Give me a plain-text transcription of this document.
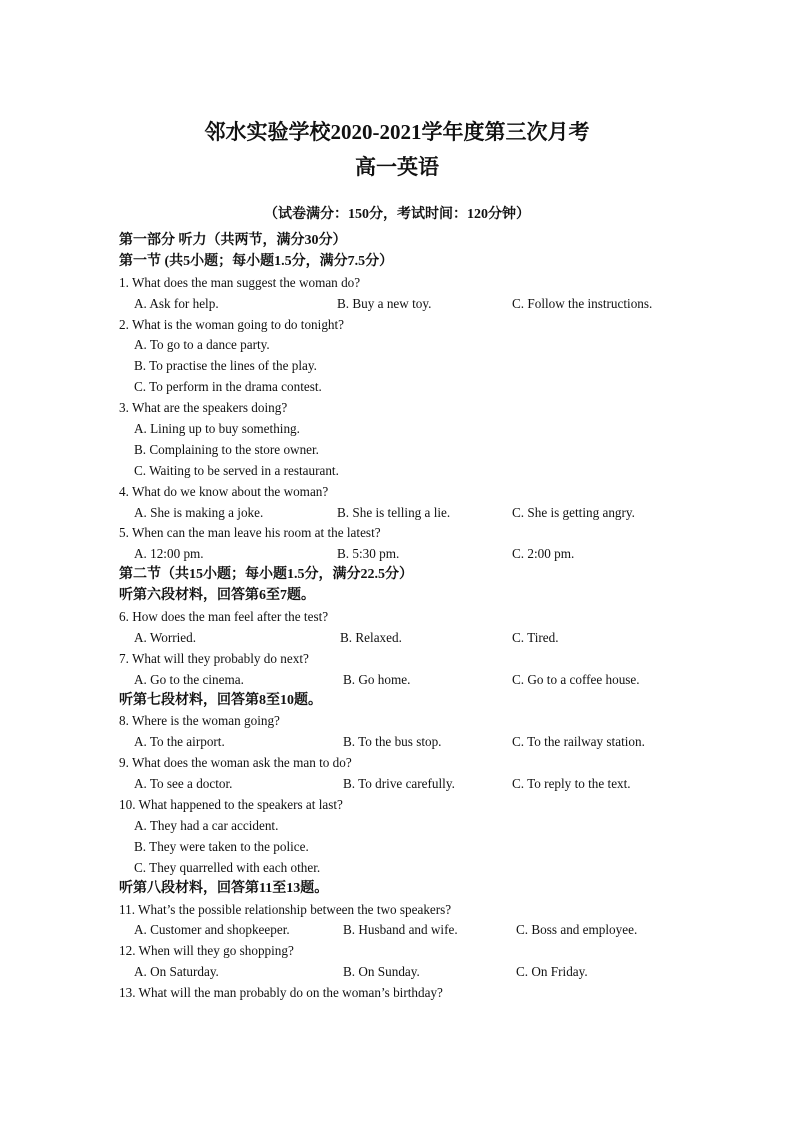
邻水实验学校2020-2021学年度第三次月考
高一英语
（试卷满分：150分，考试时间：120分钟）
第一部分 听力（共两节，满分30分）
第一节 (共5小题；每小题1.5分，满分7.5分）
1. What does the man suggest the woman do?
A. Ask for help.	B. Buy a new toy.	C. Follow the instructions.
2. What is the woman going to do tonight?
A. To go to a dance party.
B. To practise the lines of the play.
C. To perform in the drama contest.
3. What are the speakers doing?
A. Lining up to buy something.
B. Complaining to the store owner.
C. Waiting to be served in a restaurant.
4. What do we know about the woman?
A. She is making a joke.	B. She is telling a lie.	C. She is getting angry.
5. When can the man leave his room at the latest?
A. 12:00 pm.	B. 5:30 pm.	C. 2:00 pm.
第二节（共15小题；每小题1.5分，满分22.5分）
听第六段材料，回答第6至7题。
6. How does the man feel after the test?
A. Worried.	B. Relaxed.	C. Tired.
7. What will they probably do next?
A. Go to the cinema.	B. Go home.	C. Go to a coffee house.
听第七段材料，回答第8至10题。
8. Where is the woman going?
A. To the airport.	B. To the bus stop.	C. To the railway station.
9. What does the woman ask the man to do?
A. To see a doctor.	B. To drive carefully.	C. To reply to the text.
10. What happened to the speakers at last?
A. They had a car accident.
B. They were taken to the police.
C. They quarrelled with each other.
听第八段材料，回答第11至13题。
11. What’s the possible relationship between the two speakers?
A. Customer and shopkeeper.	B. Husband and wife.	C. Boss and employee.
12. When will they go shopping?
A. On Saturday.	B. On Sunday.	C. On Friday.
13. What will the man probably do on the woman’s birthday?
